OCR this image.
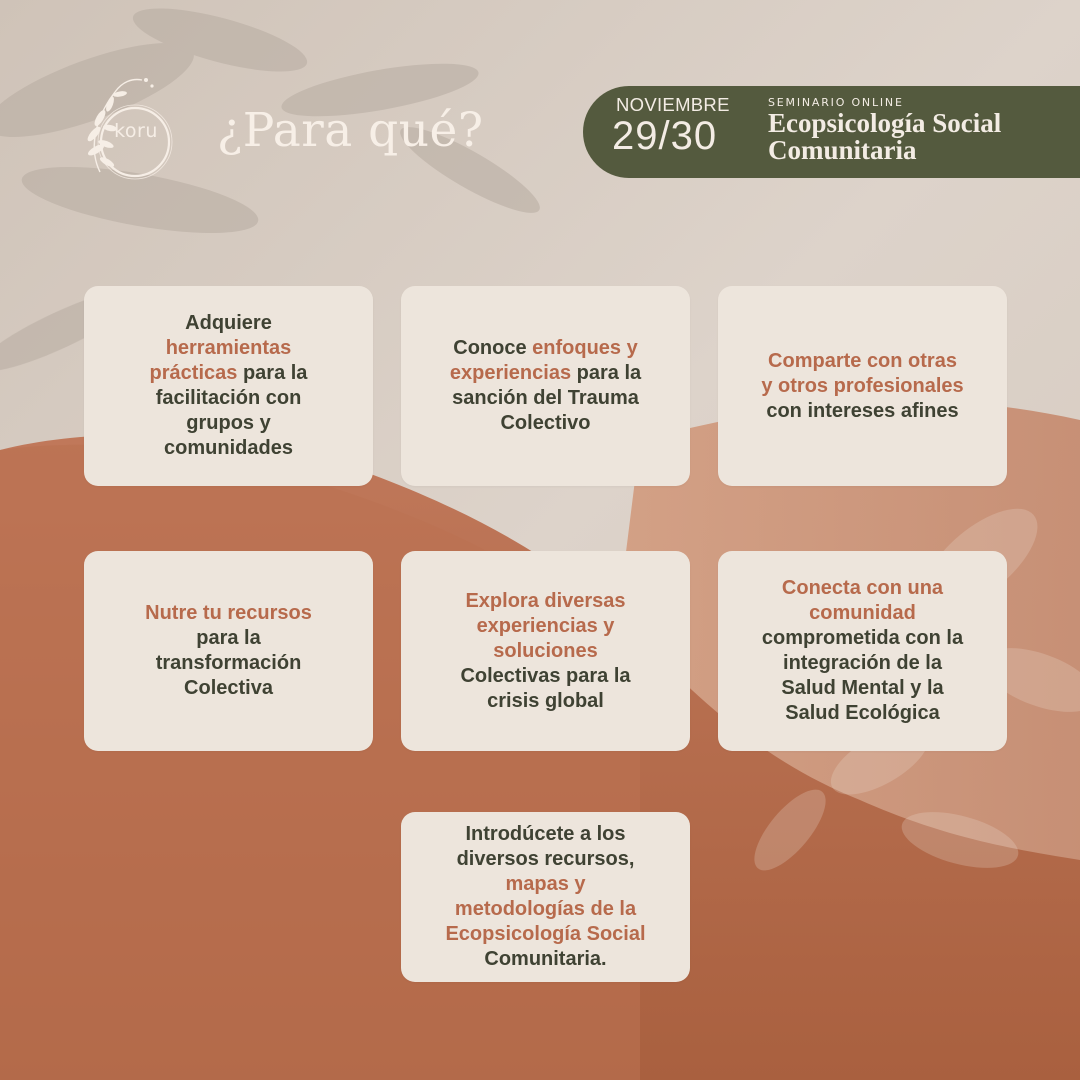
koru ¿Para qué?	NOVIEMBRE
29/30
SEMINARIO ONLINE
Ecopsicología Social
Comunitaria
Adquiere
herramientas
prácticas para la
facilitación con
grupos y
comunidades
Conoce enfoques y
experiencias para la
sanción del Trauma
Colectivo
Comparte con otras
y otros profesionales
con intereses afines
Nutre tu recursos
para la
transformación
Colectiva
Explora diversas
experiencias y
soluciones
Colectivas para la
crisis global
Conecta con una
comunidad
comprometida con la
integración de la
Salud Mental y la
Salud Ecológica
Introdúcete a los
diversos recursos,
mapas y
metodologías de la
Ecopsicología Social
Comunitaria.
